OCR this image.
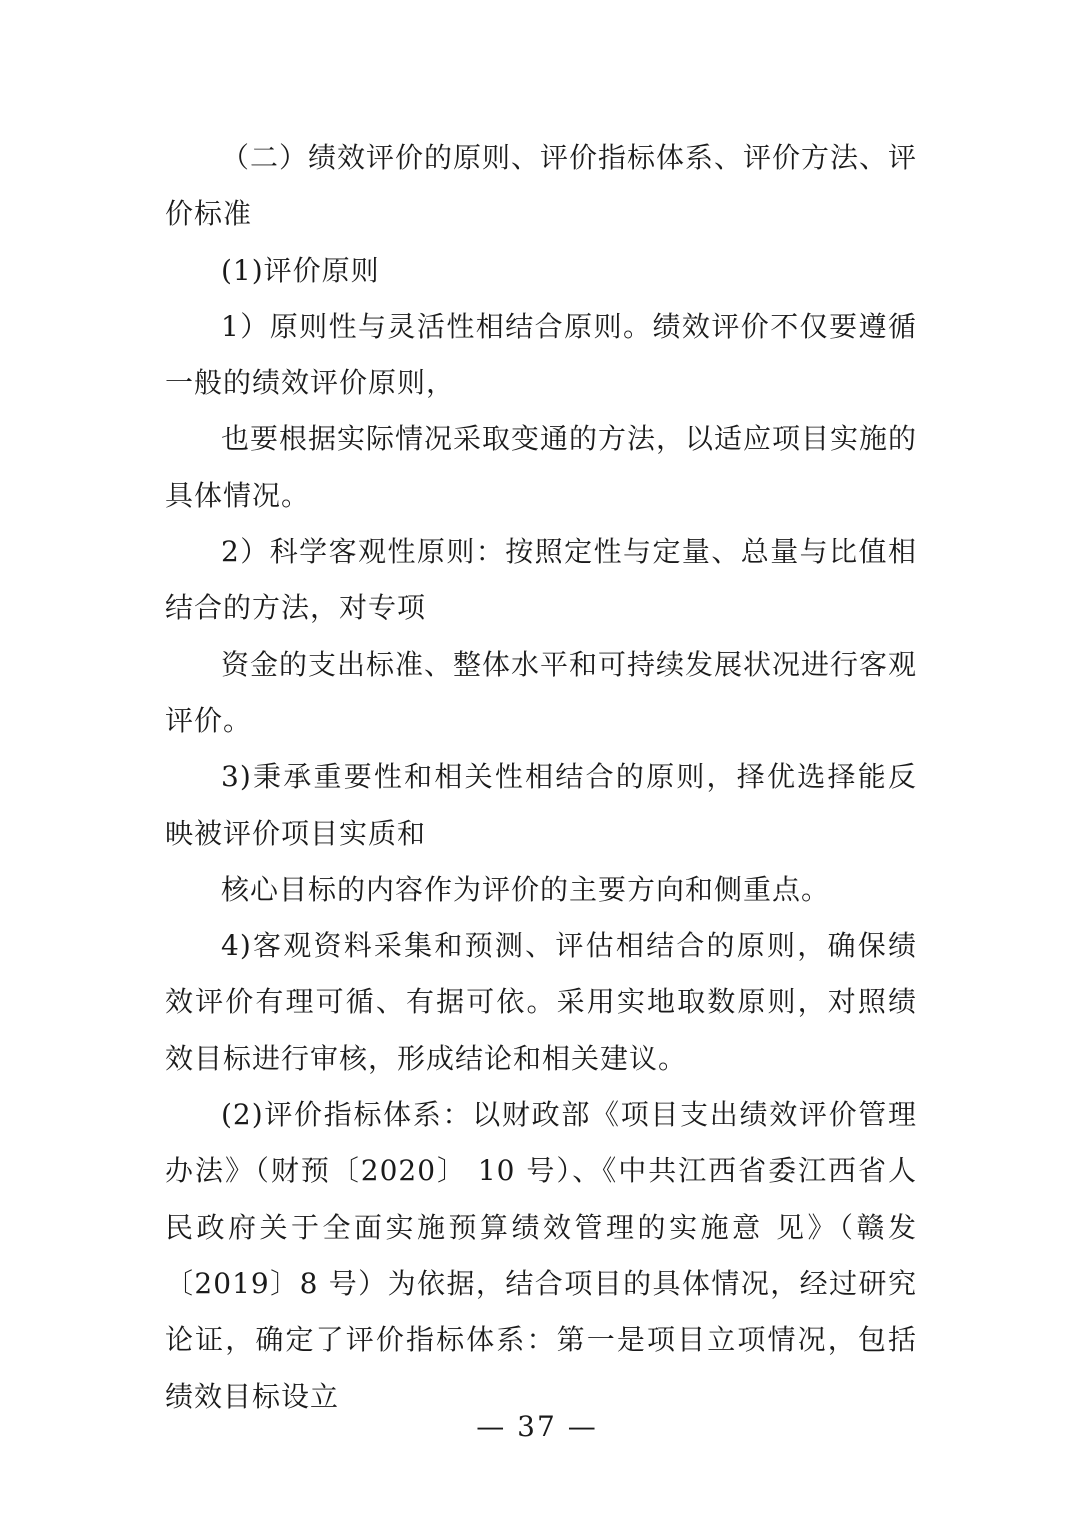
（二）绩效评价的原则、评价指标体系、评价方法、评价标准

(1)评价原则

1）原则性与灵活性相结合原则。绩效评价不仅要遵循一般的绩效评价原则，

也要根据实际情况采取变通的方法，以适应项目实施的具体情况。

2）科学客观性原则：按照定性与定量、总量与比值相结合的方法，对专项

资金的支出标准、整体水平和可持续发展状况进行客观评价。

3)秉承重要性和相关性相结合的原则，择优选择能反映被评价项目实质和

核心目标的内容作为评价的主要方向和侧重点。

4)客观资料采集和预测、评估相结合的原则，确保绩效评价有理可循、有据可依。采用实地取数原则，对照绩效目标进行审核，形成结论和相关建议。

(2)评价指标体系：以财政部《项目支出绩效评价管理办法》（财预〔2020〕 10 号）、《中共江西省委江西省人民政府关于全面实施预算绩效管理的实施意 见》（赣发〔2019〕8 号）为依据，结合项目的具体情况，经过研究论证，确定了评价指标体系：第一是项目立项情况，包括绩效目标设立

— 37 —
